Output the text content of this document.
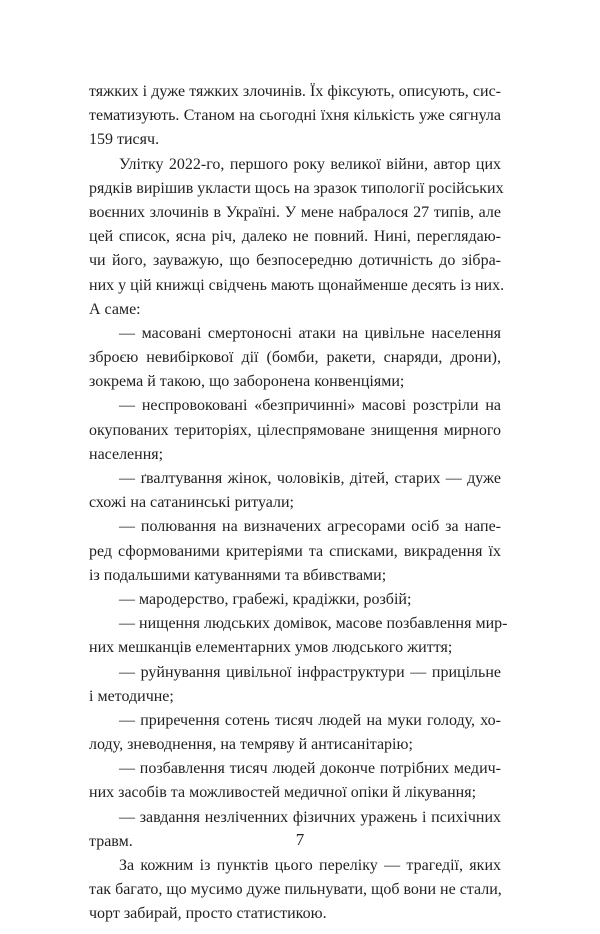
тяжких і дуже тяжких злочинів. Їх фіксують, описують, сис-
тематизують. Станом на сьогодні їхня кількість уже сягнула
159 тисяч.
Улітку 2022-го, першого року великої війни, автор цих
рядків вирішив укласти щось на зразок типології російських
воєнних злочинів в Україні. У мене набралося 27 типів, але
цей список, ясна річ, далеко не повний. Нині, переглядаю-
чи його, зауважую, що безпосередню дотичність до зібра-
них у цій книжці свідчень мають щонайменше десять із них.
А саме:
— масовані смертоносні атаки на цивільне населення
зброєю невибіркової дії (бомби, ракети, снаряди, дрони),
зокрема й такою, що заборонена конвенціями;
— неспровоковані «безпричинні» масові розстріли на
окупованих територіях, цілеспрямоване знищення мирного
населення;
— ґвалтування жінок, чоловіків, дітей, старих — дуже
схожі на сатанинські ритуали;
— полювання на визначених агресорами осіб за напе-
ред сформованими критеріями та списками, викрадення їх
із подальшими катуваннями та вбивствами;
— мародерство, грабежі, крадіжки, розбій;
— нищення людських домівок, масове позбавлення мир-
них мешканців елементарних умов людського життя;
— руйнування цивільної інфраструктури — прицільне
і методичне;
— приречення сотень тисяч людей на муки голоду, хо-
лоду, зневоднення, на темряву й антисанітарію;
— позбавлення тисяч людей доконче потрібних медич-
них засобів та можливостей медичної опіки й лікування;
— завдання незліченних фізичних уражень і психічних
травм.
За кожним із пунктів цього переліку — трагедії, яких
так багато, що мусимо дуже пильнувати, щоб вони не стали,
чорт забирай, просто статистикою.
7
